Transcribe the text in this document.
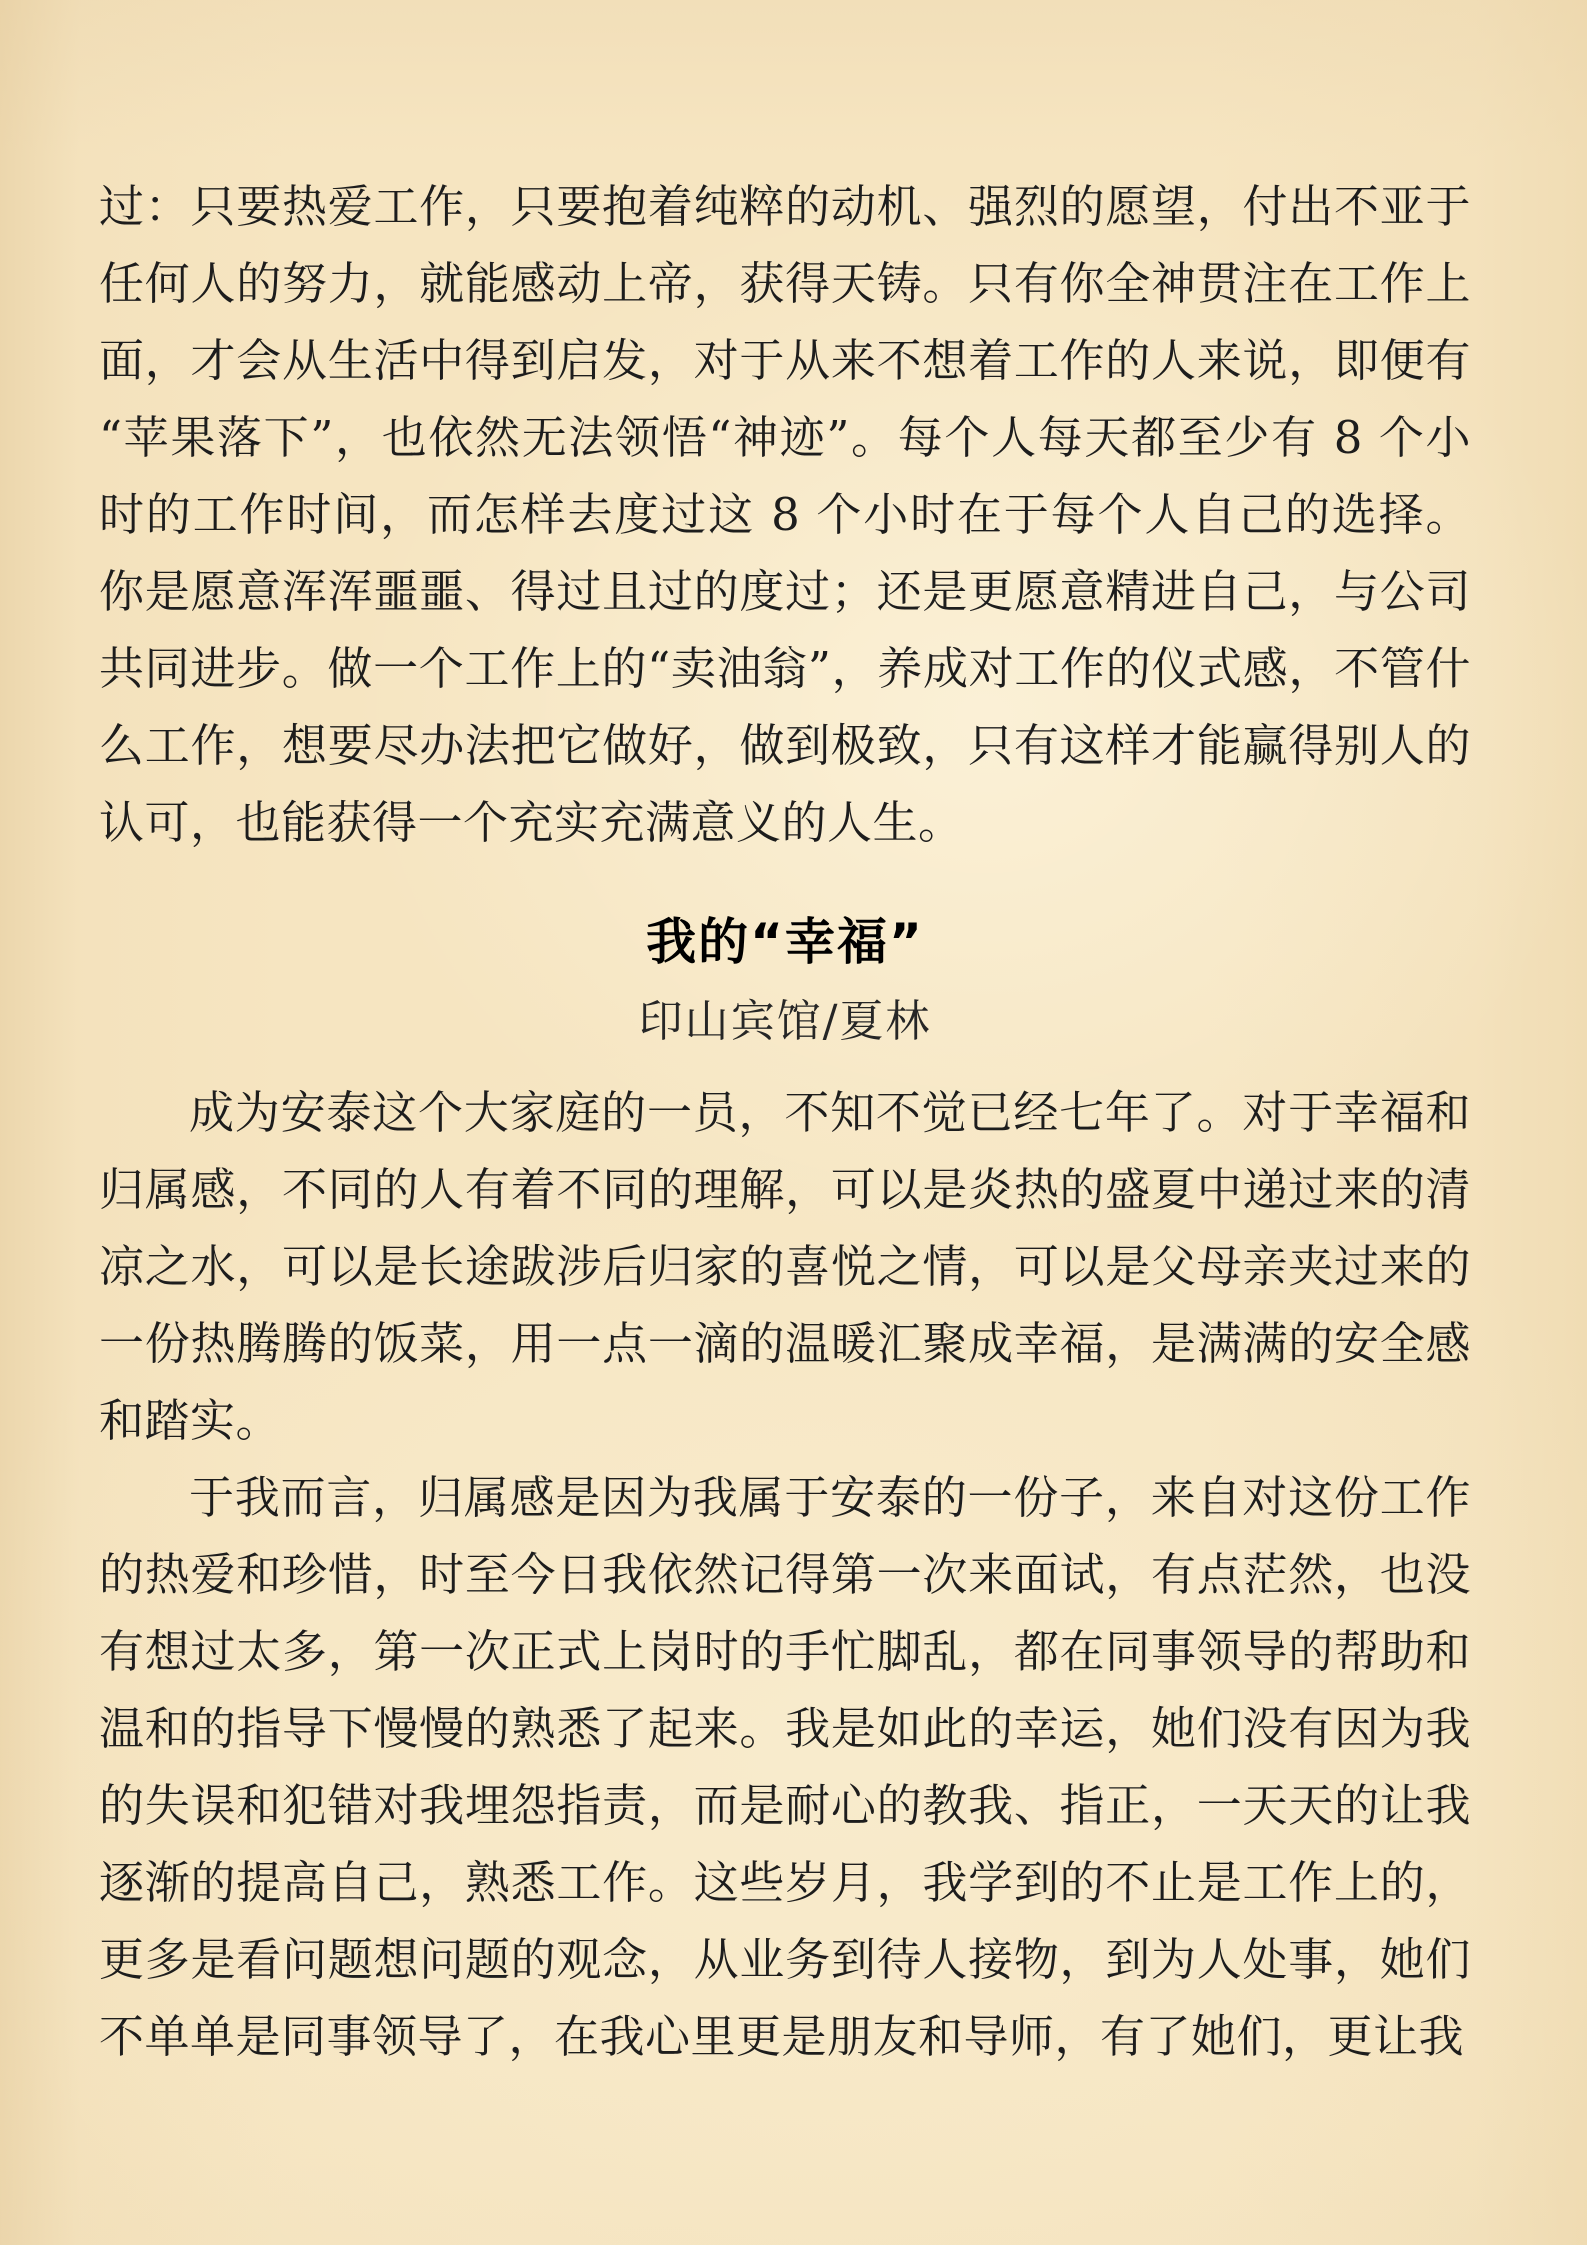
过：只要热爱工作，只要抱着纯粹的动机、强烈的愿望，付出不亚于任何人的努力，就能感动上帝，获得天铸。只有你全神贯注在工作上面，才会从生活中得到启发，对于从来不想着工作的人来说，即便有“苹果落下”，也依然无法领悟“神迹”。每个人每天都至少有 8 个小时的工作时间，而怎样去度过这 8 个小时在于每个人自己的选择。你是愿意浑浑噩噩、得过且过的度过；还是更愿意精进自己，与公司共同进步。做一个工作上的“卖油翁”，养成对工作的仪式感，不管什么工作，想要尽办法把它做好，做到极致，只有这样才能赢得别人的认可，也能获得一个充实充满意义的人生。

我的“幸福”
印山宾馆/夏林

成为安泰这个大家庭的一员，不知不觉已经七年了。对于幸福和归属感，不同的人有着不同的理解，可以是炎热的盛夏中递过来的清凉之水，可以是长途跋涉后归家的喜悦之情，可以是父母亲夹过来的一份热腾腾的饭菜，用一点一滴的温暖汇聚成幸福，是满满的安全感和踏实。

于我而言，归属感是因为我属于安泰的一份子，来自对这份工作的热爱和珍惜，时至今日我依然记得第一次来面试，有点茫然，也没有想过太多，第一次正式上岗时的手忙脚乱，都在同事领导的帮助和温和的指导下慢慢的熟悉了起来。我是如此的幸运，她们没有因为我的失误和犯错对我埋怨指责，而是耐心的教我、指正，一天天的让我逐渐的提高自己，熟悉工作。这些岁月，我学到的不止是工作上的，更多是看问题想问题的观念，从业务到待人接物，到为人处事，她们不单单是同事领导了，在我心里更是朋友和导师，有了她们，更让我
